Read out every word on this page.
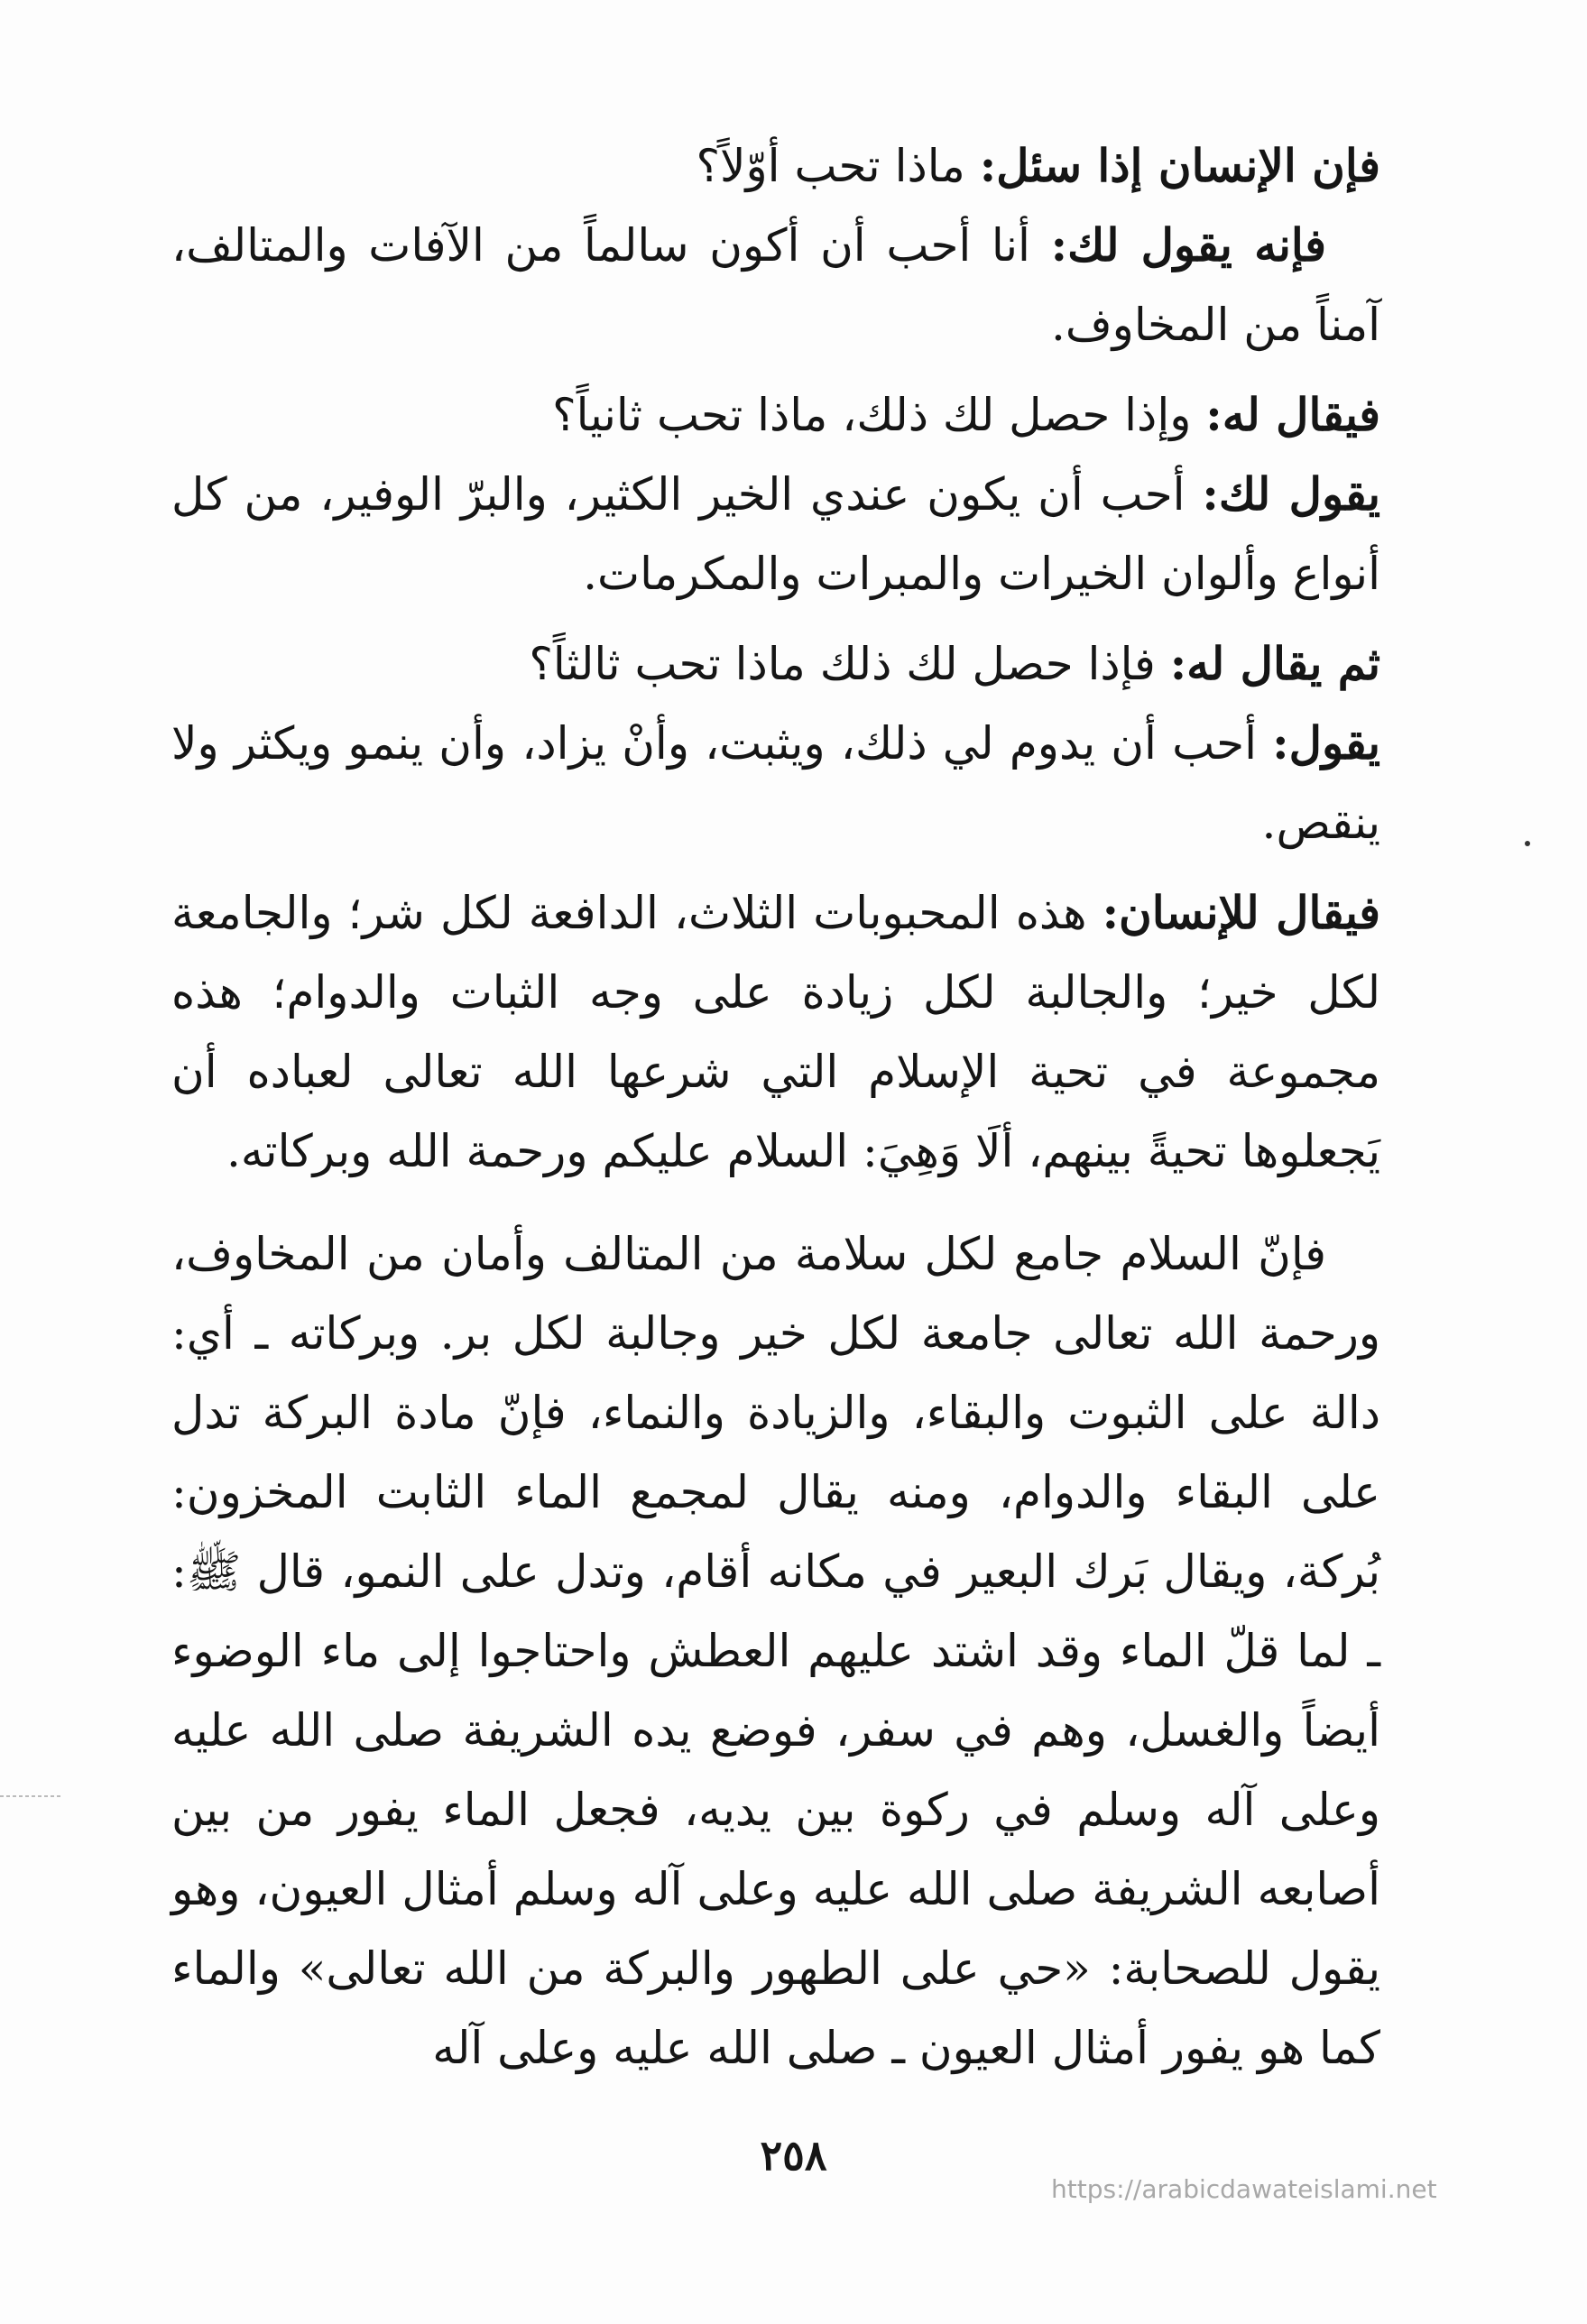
فإن الإنسان إذا سئل: ماذا تحب أوّلاً؟

فإنه يقول لك: أنا أحب أن أكون سالماً من الآفات والمتالف، آمناً من المخاوف.

فيقال له: وإذا حصل لك ذلك، ماذا تحب ثانياً؟

يقول لك: أحب أن يكون عندي الخير الكثير، والبرّ الوفير، من كل أنواع وألوان الخيرات والمبرات والمكرمات.

ثم يقال له: فإذا حصل لك ذلك ماذا تحب ثالثاً؟

يقول: أحب أن يدوم لي ذلك، ويثبت، وأنْ يزاد، وأن ينمو ويكثر ولا ينقص.

فيقال للإنسان: هذه المحبوبات الثلاث، الدافعة لكل شر؛ والجامعة لكل خير؛ والجالبة لكل زيادة على وجه الثبات والدوام؛ هذه مجموعة في تحية الإسلام التي شرعها الله تعالى لعباده أن يَجعلوها تحيةً بينهم، ألَا وَهِيَ: السلام عليكم ورحمة الله وبركاته.

فإنّ السلام جامع لكل سلامة من المتالف وأمان من المخاوف، ورحمة الله تعالى جامعة لكل خير وجالبة لكل بر. وبركاته ـ أي: دالة على الثبوت والبقاء، والزيادة والنماء، فإنّ مادة البركة تدل على البقاء والدوام، ومنه يقال لمجمع الماء الثابت المخزون: بُركة، ويقال بَرك البعير في مكانه أقام، وتدل على النمو، قال ﷺ: ـ لما قلّ الماء وقد اشتد عليهم العطش واحتاجوا إلى ماء الوضوء أيضاً والغسل، وهم في سفر، فوضع يده الشريفة صلى الله عليه وعلى آله وسلم في ركوة بين يديه، فجعل الماء يفور من بين أصابعه الشريفة صلى الله عليه وعلى آله وسلم أمثال العيون، وهو يقول للصحابة: «حي على الطهور والبركة من الله تعالى» والماء كما هو يفور أمثال العيون ـ صلى الله عليه وعلى آله

٢٥٨
https://arabicdawateislami.net
